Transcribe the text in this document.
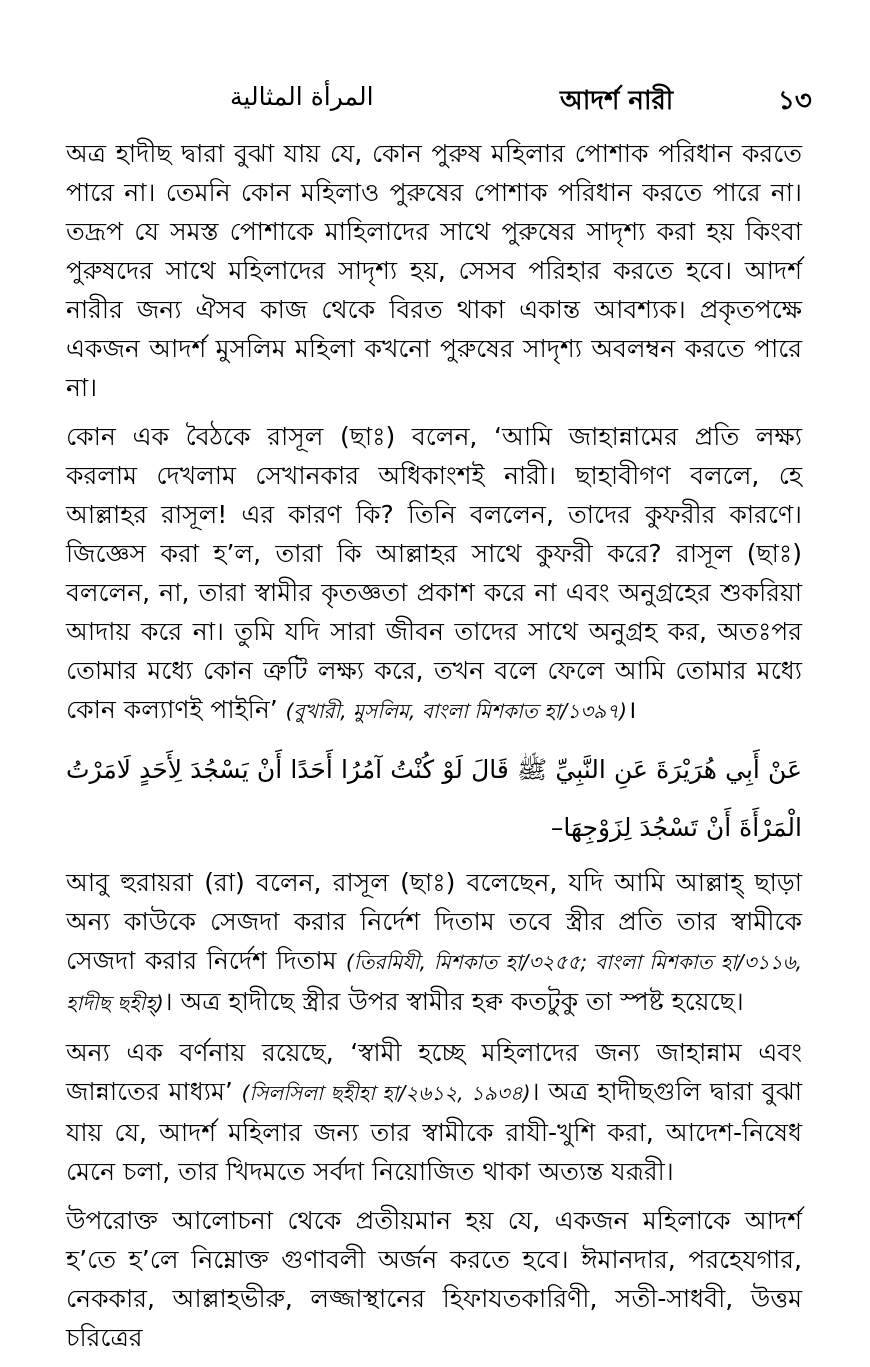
المرأة المثالية	আদর্শ নারী	১৩

অত্র হাদীছ দ্বারা বুঝা যায় যে, কোন পুরুষ মহিলার পোশাক পরিধান করতে পারে না। তেমনি কোন মহিলাও পুরুষের পোশাক পরিধান করতে পারে না। তদ্রূপ যে সমস্ত পোশাকে মাহিলাদের সাথে পুরুষের সাদৃশ্য করা হয় কিংবা পুরুষদের সাথে মহিলাদের সাদৃশ্য হয়, সেসব পরিহার করতে হবে। আদর্শ নারীর জন্য ঐসব কাজ থেকে বিরত থাকা একান্ত আবশ্যক। প্রকৃতপক্ষে একজন আদর্শ মুসলিম মহিলা কখনো পুরুষের সাদৃশ্য অবলম্বন করতে পারে না।

কোন এক বৈঠকে রাসূল (ছাঃ) বলেন, ‘আমি জাহান্নামের প্রতি লক্ষ্য করলাম দেখলাম সেখানকার অধিকাংশই নারী। ছাহাবীগণ বললে, হে আল্লাহর রাসূল! এর কারণ কি? তিনি বললেন, তাদের কুফরীর কারণে। জিজ্ঞেস করা হ’ল, তারা কি আল্লাহর সাথে কুফরী করে? রাসূল (ছাঃ) বললেন, না, তারা স্বামীর কৃতজ্ঞতা প্রকাশ করে না এবং অনুগ্রহের শুকরিয়া আদায় করে না। তুমি যদি সারা জীবন তাদের সাথে অনুগ্রহ কর, অতঃপর তোমার মধ্যে কোন ত্রুটি লক্ষ্য করে, তখন বলে ফেলে আমি তোমার মধ্যে কোন কল্যাণই পাইনি’ (বুখারী, মুসলিম, বাংলা মিশকাত হা/১৩৯৭)।

عَنْ أَبِي هُرَيْرَةَ عَنِ النَّبِيِّ ﷺ قَالَ لَوْ كُنْتُ آمُرُا أَحَدًا أَنْ يَسْجُدَ لِأَحَدٍ لَامَرْتُ الْمَرْأَةَ أَنْ تَسْجُدَ لِزَوْجِهَا–

আবু হুরায়রা (রা) বলেন, রাসূল (ছাঃ) বলেছেন, যদি আমি আল্লাহ্ ছাড়া অন্য কাউকে সেজদা করার নির্দেশ দিতাম তবে স্ত্রীর প্রতি তার স্বামীকে সেজদা করার নির্দেশ দিতাম (তিরমিযী, মিশকাত হা/৩২৫৫; বাংলা মিশকাত হা/৩১১৬, হাদীছ ছহীহ্)। অত্র হাদীছে স্ত্রীর উপর স্বামীর হক্ব কতটুকু তা স্পষ্ট হয়েছে।

অন্য এক বর্ণনায় রয়েছে, ‘স্বামী হচ্ছে মহিলাদের জন্য জাহান্নাম এবং জান্নাতের মাধ্যম’ (সিলসিলা ছহীহা হা/২৬১২, ১৯৩৪)। অত্র হাদীছগুলি দ্বারা বুঝা যায় যে, আদর্শ মহিলার জন্য তার স্বামীকে রাযী-খুশি করা, আদেশ-নিষেধ মেনে চলা, তার খিদমতে সর্বদা নিয়োজিত থাকা অত্যন্ত যরূরী।

উপরোক্ত আলোচনা থেকে প্রতীয়মান হয় যে, একজন মহিলাকে আদর্শ হ’তে হ’লে নিম্নোক্ত গুণাবলী অর্জন করতে হবে। ঈমানদার, পরহেযগার, নেককার, আল্লাহভীরু, লজ্জাস্থানের হিফাযতকারিণী, সতী-সাধবী, উত্তম চরিত্রের
